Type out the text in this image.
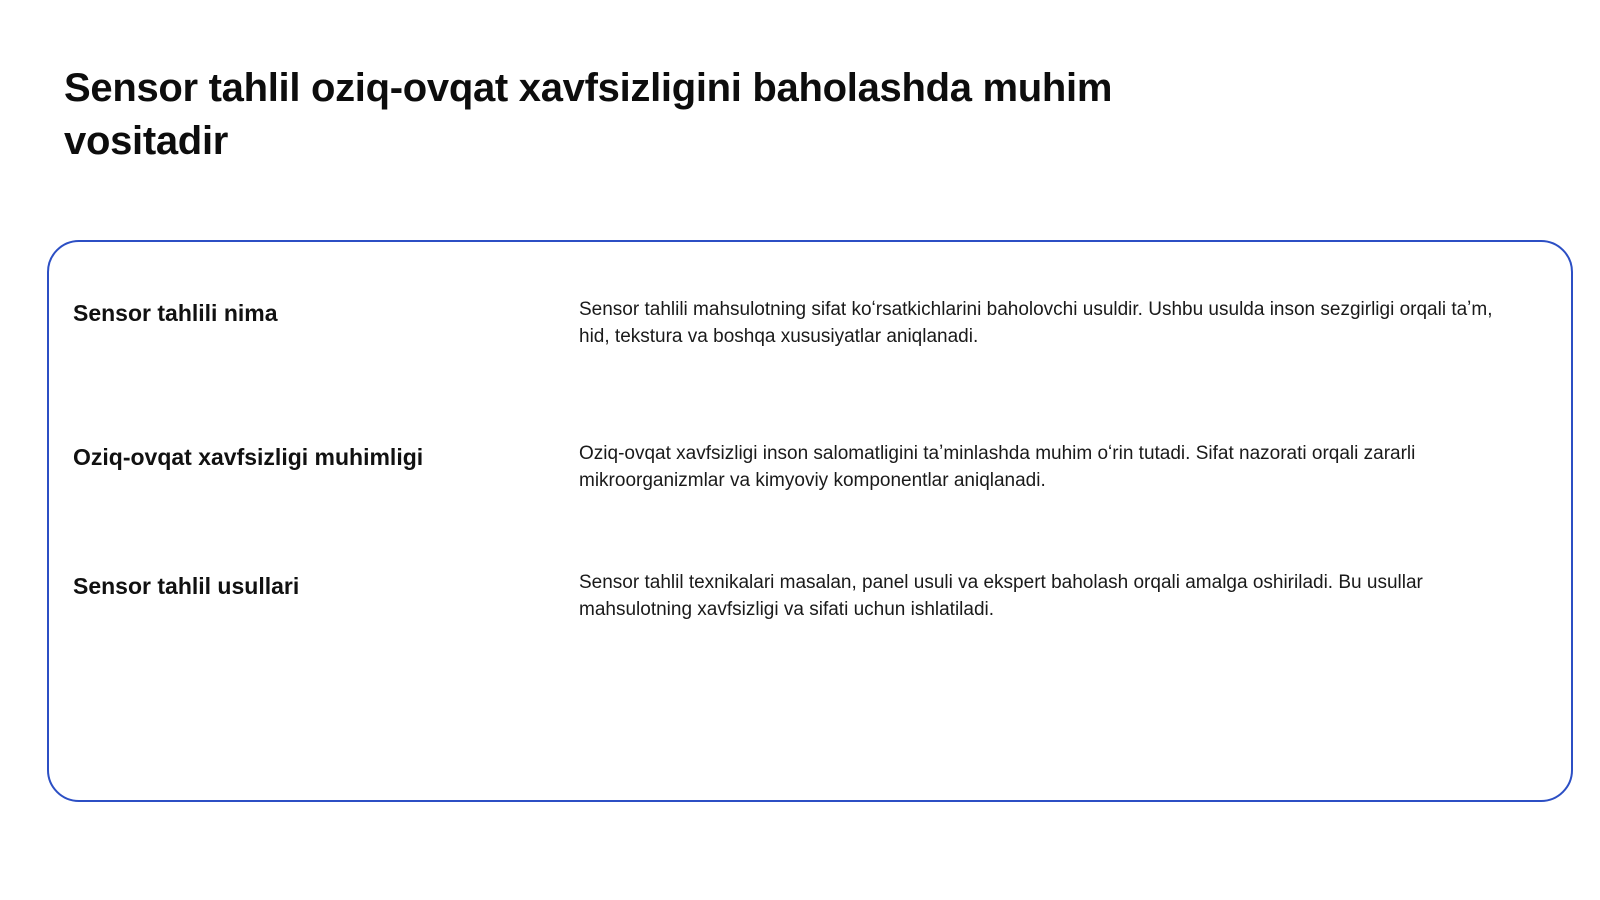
Sensor tahlil oziq-ovqat xavfsizligini baholashda muhim vositadir
Sensor tahlili nima	Sensor tahlili mahsulotning sifat koʻrsatkichlarini baholovchi usuldir. Ushbu usulda inson sezgirligi orqali taʼm, hid, tekstura va boshqa xususiyatlar aniqlanadi.
Oziq-ovqat xavfsizligi muhimligi	Oziq-ovqat xavfsizligi inson salomatligini taʼminlashda muhim oʻrin tutadi. Sifat nazorati orqali zararli mikroorganizmlar va kimyoviy komponentlar aniqlanadi.
Sensor tahlil usullari	Sensor tahlil texnikalari masalan, panel usuli va ekspert baholash orqali amalga oshiriladi. Bu usullar mahsulotning xavfsizligi va sifati uchun ishlatiladi.
